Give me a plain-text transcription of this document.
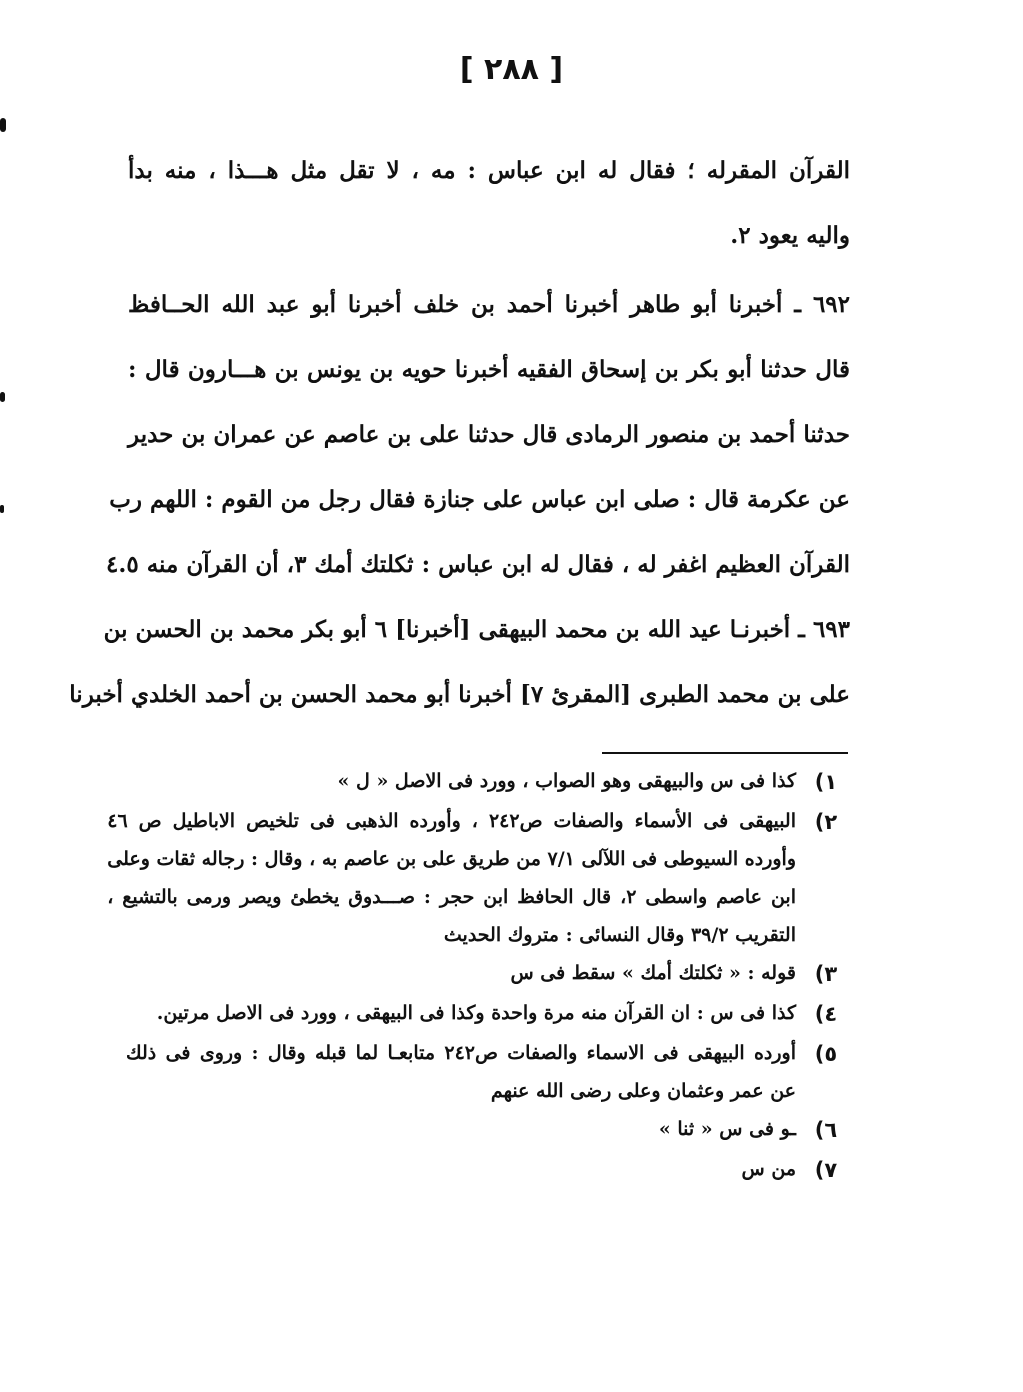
[ ٢٨٨ ]
القرآن المقرله ؛ فقال له ابن عباس : مه ، لا تقل مثل هـــذا ، منه بدأ
واليه يعود ٢.
٦٩٢ ـ أخبرنا أبو طاهر أخبرنا أحمد بن خلف أخبرنا أبو عبد الله الحــافظ
قال حدثنا أبو بكر بن إسحاق الفقيه أخبرنا حويه بن يونس بن هـــارون قال :
حدثنا أحمد بن منصور الرمادى قال حدثنا على بن عاصم عن عمران بن حدير
عن عكرمة قال : صلى ابن عباس على جنازة فقال رجل من القوم : اللهم رب
القرآن العظيم اغفر له ، فقال له ابن عباس : ثكلتك أمك ٣، أن القرآن منه ٤.٥
٦٩٣ ـ أخبرنـا عيد الله بن محمد البيهقى [أخبرنا] ٦ أبو بكر محمد بن الحسن بن
على بن محمد الطبرى [المقرئ ٧] أخبرنا أبو محمد الحسن بن أحمد الخلدي أخبرنا
١)
كذا فى س والبيهقى وهو الصواب ، وورد فى الاصل « ل »
٢)
البيهقى فى الأسماء والصفات ص٢٤٢ ، وأورده الذهبى فى تلخيص الاباطيل ص ٤٦
وأورده السيوطى فى اللآلى ٧/١ من طريق على بن عاصم به ، وقال : رجاله ثقات وعلى
ابن عاصم واسطى ٢، قال الحافظ ابن حجر : صـــدوق يخطئ ويصر ورمى بالتشيع ،
التقريب ٣٩/٢ وقال النسائى : متروك الحديث
٣)
قوله : « ثكلتك أمك » سقط فى س
٤)
كذا فى س : ان القرآن منه مرة واحدة وكذا فى البيهقى ، وورد فى الاصل مرتين.
٥)
أورده البيهقى فى الاسماء والصفات ص٢٤٢ متابعـا لما قبله وقال : وروى فى ذلك
عن عمر وعثمان وعلى رضى الله عنهم
٦)
ـو فى س « ثنا »
٧)
من س
